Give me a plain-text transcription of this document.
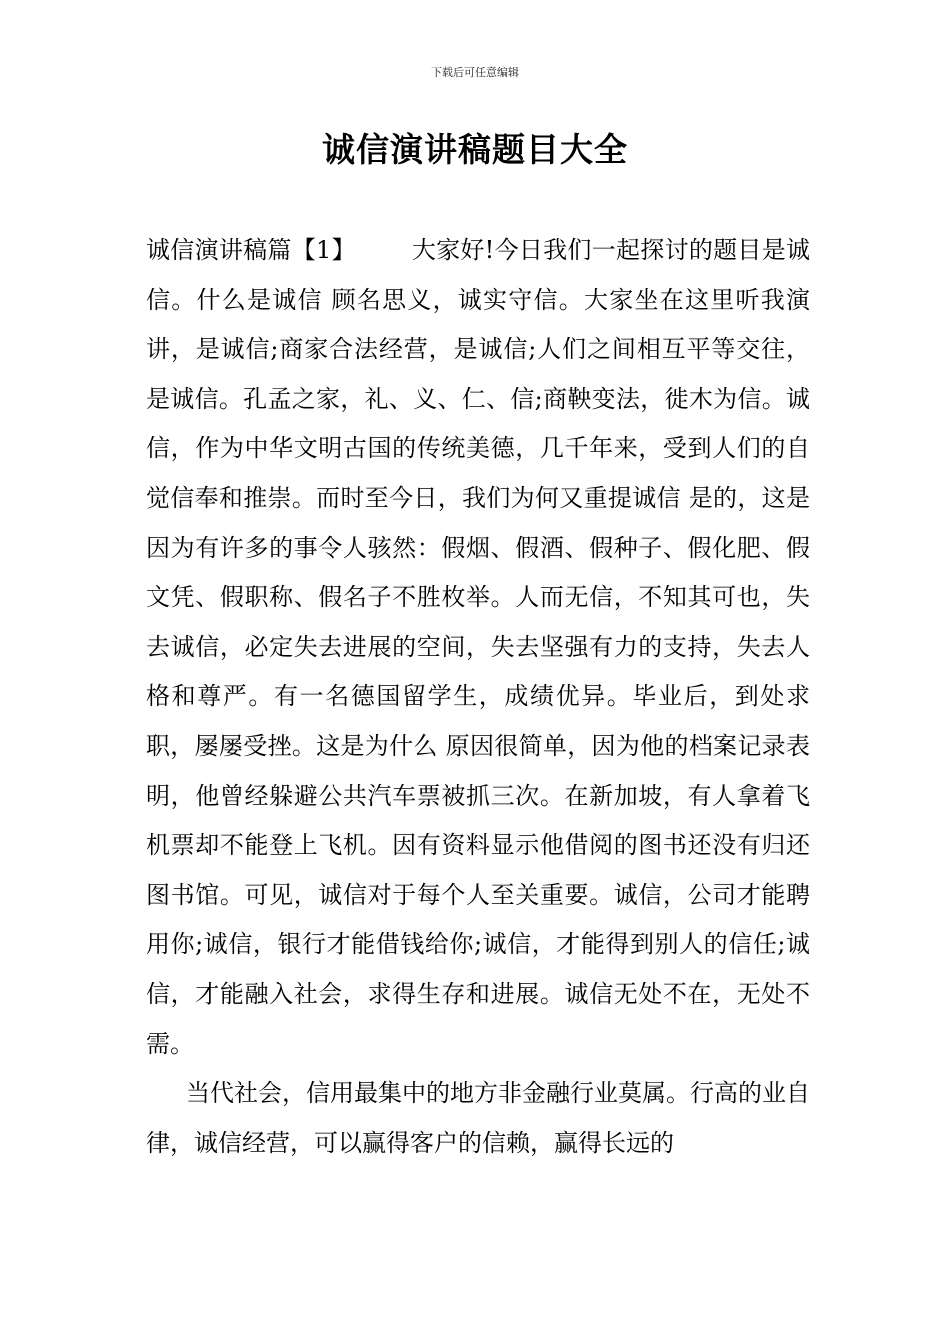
下载后可任意编辑
诚信演讲稿题目大全

诚信演讲稿篇【1】 大家好!今日我们一起探讨的题目是诚信。什么是诚信 顾名思义，诚实守信。大家坐在这里听我演讲，是诚信;商家合法经营，是诚信;人们之间相互平等交往，是诚信。孔孟之家，礼、义、仁、信;商鞅变法，徙木为信。诚信，作为中华文明古国的传统美德，几千年来，受到人们的自觉信奉和推崇。而时至今日，我们为何又重提诚信 是的，这是因为有许多的事令人骇然：假烟、假酒、假种子、假化肥、假文凭、假职称、假名子不胜枚举。人而无信，不知其可也，失去诚信，必定失去进展的空间，失去坚强有力的支持，失去人格和尊严。有一名德国留学生，成绩优异。毕业后，到处求职，屡屡受挫。这是为什么 原因很简单，因为他的档案记录表明，他曾经躲避公共汽车票被抓三次。在新加坡，有人拿着飞机票却不能登上飞机。因有资料显示他借阅的图书还没有归还图书馆。可见，诚信对于每个人至关重要。诚信，公司才能聘用你;诚信，银行才能借钱给你;诚信，才能得到别人的信任;诚信，才能融入社会，求得生存和进展。诚信无处不在，无处不需。

当代社会，信用最集中的地方非金融行业莫属。行高的业自律，诚信经营，可以赢得客户的信赖，赢得长远的
